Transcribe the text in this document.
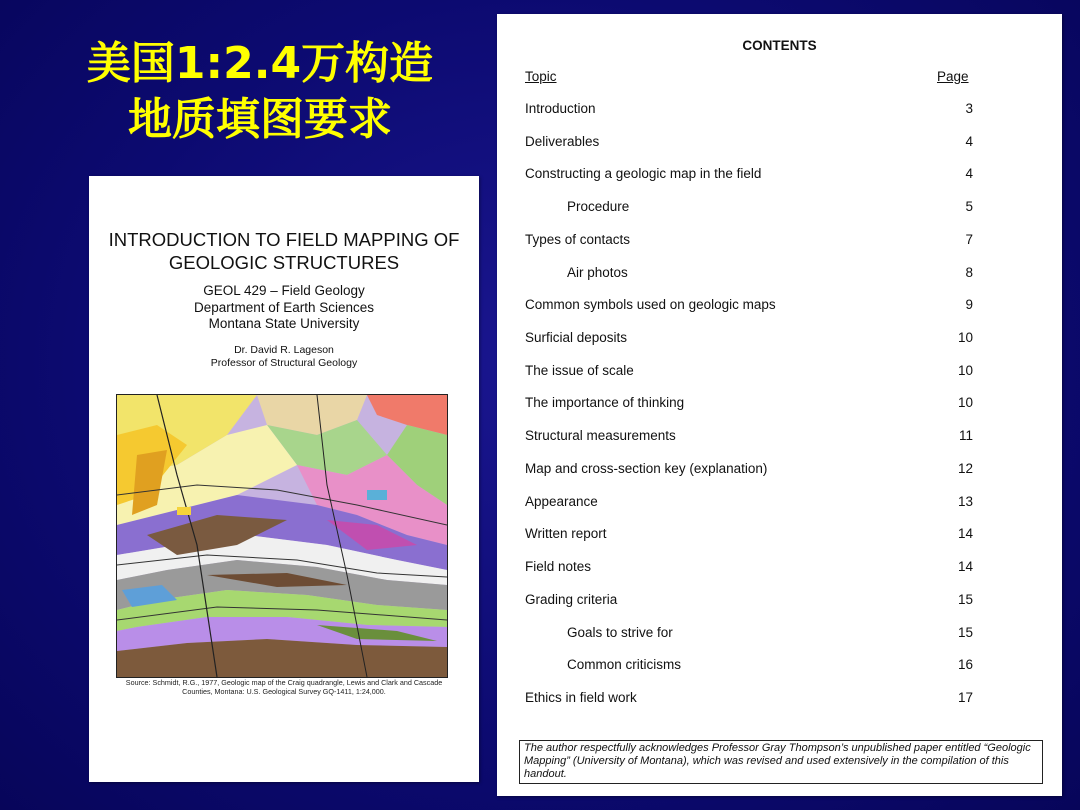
美国1:2.4万构造
地质填图要求
INTRODUCTION TO FIELD MAPPING OF
GEOLOGIC STRUCTURES
GEOL 429 – Field Geology
Department of Earth Sciences
Montana State University
Dr. David R. Lageson
Professor of Structural Geology
Source: Schmidt, R.G., 1977, Geologic map of the Craig quadrangle, Lewis and Clark and Cascade
Counties, Montana: U.S. Geological Survey GQ-1411, 1:24,000.
CONTENTS
Topic	Page
Introduction	3
Deliverables	4
Constructing a geologic map in the field	4
Procedure	5
Types of contacts	7
Air photos	8
Common symbols used on geologic maps	9
Surficial deposits	10
The issue of scale	10
The importance of thinking	10
Structural measurements	11
Map and cross-section key (explanation)	12
Appearance	13
Written report	14
Field notes	14
Grading criteria	15
Goals to strive for	15
Common criticisms	16
Ethics in field work	17
The author respectfully acknowledges Professor Gray Thompson’s unpublished paper entitled “Geologic Mapping” (University of Montana), which was revised and used extensively in the compilation of this handout.
